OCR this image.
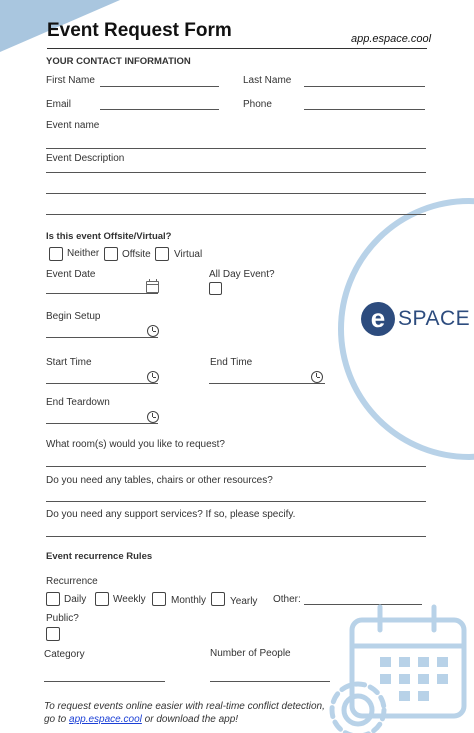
Event Request Form	app.espace.cool
YOUR CONTACT INFORMATION
First Name	Last Name
Email	Phone
Event name
Event Description
Is this event Offsite/Virtual?
Neither Offsite Virtual
Event Date	All Day Event?
Begin Setup
Start Time	End Time
End Teardown
What room(s) would you like to request?
Do you need any tables, chairs or other resources?
Do you need any support services? If so, please specify.
Event recurrence Rules
Recurrence
Daily	Weekly	Monthly Yearly Other:
Public?
Category	Number of People
e SPACE
To request events online easier with real-time conflict detection,
go to app.espace.cool or download the app!
